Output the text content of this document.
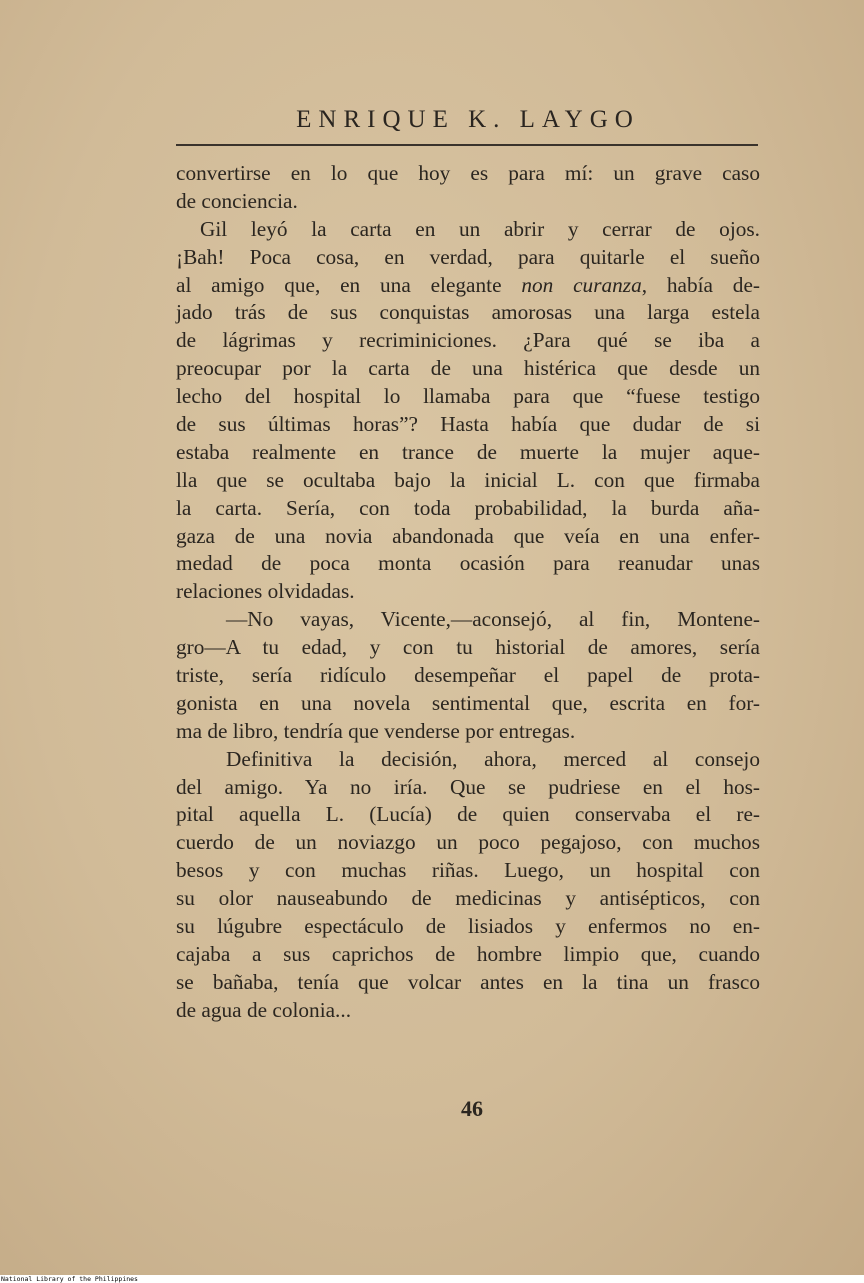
ENRIQUE K. LAYGO
convertirse en lo que hoy es para mí: un grave caso
de conciencia.
Gil leyó la carta en un abrir y cerrar de ojos.
¡Bah! Poca cosa, en verdad, para quitarle el sueño
al amigo que, en una elegante non curanza, había de-
jado trás de sus conquistas amorosas una larga estela
de lágrimas y recriminiciones. ¿Para qué se iba a
preocupar por la carta de una histérica que desde un
lecho del hospital lo llamaba para que “fuese testigo
de sus últimas horas”? Hasta había que dudar de si
estaba realmente en trance de muerte la mujer aque-
lla que se ocultaba bajo la inicial L. con que firmaba
la carta. Sería, con toda probabilidad, la burda aña-
gaza de una novia abandonada que veía en una enfer-
medad de poca monta ocasión para reanudar unas
relaciones olvidadas.
—No vayas, Vicente,—aconsejó, al fin, Montene-
gro—A tu edad, y con tu historial de amores, sería
triste, sería ridículo desempeñar el papel de prota-
gonista en una novela sentimental que, escrita en for-
ma de libro, tendría que venderse por entregas.
Definitiva la decisión, ahora, merced al consejo
del amigo. Ya no iría. Que se pudriese en el hos-
pital aquella L. (Lucía) de quien conservaba el re-
cuerdo de un noviazgo un poco pegajoso, con muchos
besos y con muchas riñas. Luego, un hospital con
su olor nauseabundo de medicinas y antisépticos, con
su lúgubre espectáculo de lisiados y enfermos no en-
cajaba a sus caprichos de hombre limpio que, cuando
se bañaba, tenía que volcar antes en la tina un frasco
de agua de colonia...
46
National Library of the Philippines
